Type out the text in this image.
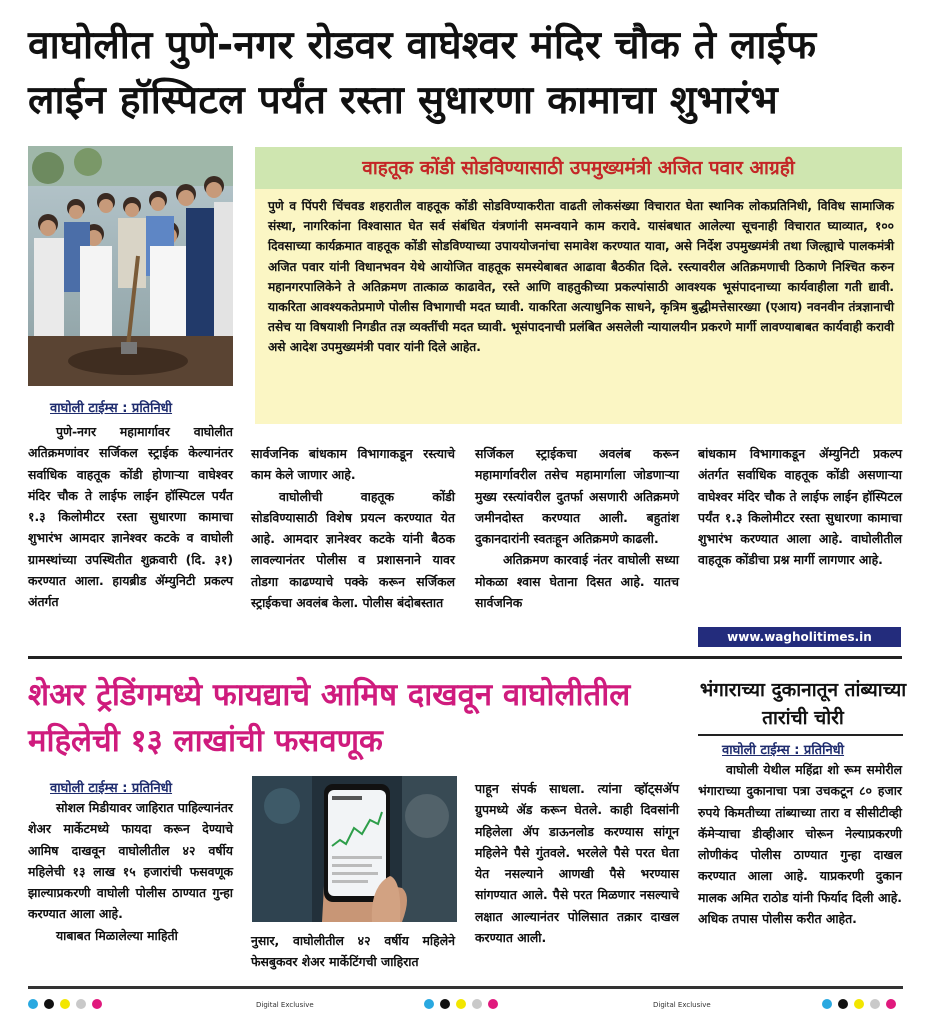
वाघोलीत पुणे-नगर रोडवर वाघेश्वर मंदिर चौक ते लाईफ लाईन हॉस्पिटल पर्यंत रस्ता सुधारणा कामाचा शुभारंभ
वाघोली टाईम्स : प्रतिनिधी
वाहतूक कोंडी सोडविण्यासाठी उपमुख्यमंत्री अजित पवार आग्रही
पुणे व पिंपरी चिंचवड शहरातील वाहतूक कोंडी सोडविण्याकरीता वाढती लोकसंख्या विचारात घेता स्थानिक लोकप्रतिनिधी, विविध सामाजिक संस्था, नागरिकांना विश्वासात घेत सर्व संबंधित यंत्रणांनी समन्वयाने काम करावे. यासंबधात आलेल्या सूचनाही विचारात घ्याव्यात, १०० दिवसाच्या कार्यक्रमात वाहतूक कोंडी सोडविण्याच्या उपाययोजनांचा समावेश करण्यात यावा, असे निर्देश उपमुख्यमंत्री तथा जिल्ह्याचे पालकमंत्री अजित पवार यांनी विधानभवन येथे आयोजित वाहतूक समस्येबाबत आढावा बैठकीत दिले. रस्त्यावरील अतिक्रमणाची ठिकाणे निश्चित करुन महानगरपालिकेने ते अतिक्रमण तात्काळ काढावेत, रस्ते आणि वाहतुकीच्या प्रकल्पांसाठी आवश्यक भूसंपादनाच्या कार्यवाहीला गती द्यावी. याकरिता आवश्यकतेप्रमाणे पोलीस विभागाची मदत घ्यावी. याकरिता अत्याधुनिक साधने, कृत्रिम बुद्धीमत्तेसारख्या (एआय) नवनवीन तंत्रज्ञानाची तसेच या विषयाशी निगडीत तज्ञ व्यक्तींची मदत घ्यावी. भूसंपादनाची प्रलंबित असलेली न्यायालयीन प्रकरणे मार्गी लावण्याबाबत कार्यवाही करावी असे आदेश उपमुख्यमंत्री पवार यांनी दिले आहेत.

पुणे-नगर महामार्गावर वाघोलीत अतिक्रमणांवर सर्जिकल स्ट्राईक केल्यानंतर सर्वाधिक वाहतूक कोंडी होणाऱ्या वाघेश्वर मंदिर चौक ते लाईफ लाईन हॉस्पिटल पर्यंत १.३ किलोमीटर रस्ता सुधारणा कामाचा शुभारंभ आमदार ज्ञानेश्वर कटके व वाघोली ग्रामस्थांच्या उपस्थितीत शुक्रवारी (दि. ३१) करण्यात आला. हायब्रीड ॲम्युनिटी प्रकल्प अंतर्गत

सार्वजनिक बांधकाम विभागाकडून रस्त्याचे काम केले जाणार आहे.

वाघोलीची वाहतूक कोंडी सोडविण्यासाठी विशेष प्रयत्न करण्यात येत आहे. आमदार ज्ञानेश्वर कटके यांनी बैठक लावल्यानंतर पोलीस व प्रशासनाने यावर तोडगा काढण्याचे पक्के करून सर्जिकल स्ट्राईकचा अवलंब केला. पोलीस बंदोबस्तात

सर्जिकल स्ट्राईकचा अवलंब करून महामार्गावरील तसेच महामार्गाला जोडणाऱ्या मुख्य रस्त्यांवरील दुतर्फा असणारी अतिक्रमणे जमीनदोस्त करण्यात आली. बहुतांश दुकानदारांनी स्वतःहून अतिक्रमणे काढली.

अतिक्रमण कारवाई नंतर वाघोली सध्या मोकळा श्वास घेताना दिसत आहे. यातच सार्वजनिक

बांधकाम विभागाकडून ॲम्युनिटी प्रकल्प अंतर्गत सर्वाधिक वाहतूक कोंडी असणाऱ्या वाघेश्वर मंदिर चौक ते लाईफ लाईन हॉस्पिटल पर्यंत १.३ किलोमीटर रस्ता सुधारणा कामाचा शुभारंभ करण्यात आला आहे. वाघोलीतील वाहतूक कोंडीचा प्रश्न मार्गी लागणार आहे.

www.wagholitimes.in
शेअर ट्रेडिंगमध्ये फायद्याचे आमिष दाखवून वाघोलीतील महिलेची १३ लाखांची फसवणूक
वाघोली टाईम्स : प्रतिनिधी

सोशल मिडीयावर जाहिरात पाहिल्यानंतर शेअर मार्केटमध्ये फायदा करून देण्याचे आमिष दाखवून वाघोलीतील ४२ वर्षीय महिलेची १३ लाख १५ हजारांची फसवणूक झाल्याप्रकरणी वाघोली पोलीस ठाण्यात गुन्हा करण्यात आला आहे.

याबाबत मिळालेल्या माहिती	नुसार, वाघोलीतील ४२ वर्षीय महिलेने फेसबुकवर शेअर मार्केटिंगची जाहिरात

पाहून संपर्क साधला. त्यांना व्हॉट्सॲप ग्रुपमध्ये ॲड करून घेतले. काही दिवसांनी महिलेला ॲप डाऊनलोड करण्यास सांगून महिलेने पैसे गुंतवले. भरलेले पैसे परत घेता येत नसल्याने आणखी पैसे भरण्यास सांगण्यात आले. पैसे परत मिळणार नसल्याचे लक्षात आल्यानंतर पोलिसात तक्रार दाखल करण्यात आली.

भंगाराच्या दुकानातून तांब्याच्या तारांची चोरी
वाघोली टाईम्स : प्रतिनिधी

वाघोली येथील महिंद्रा शो रूम समोरील भंगाराच्या दुकानाचा पत्रा उचकटून ८० हजार रुपये किमतीच्या तांब्याच्या तारा व सीसीटीव्ही कॅमेऱ्याचा डीव्हीआर चोरून नेल्याप्रकरणी लोणीकंद पोलीस ठाण्यात गुन्हा दाखल करण्यात आला आहे. याप्रकरणी दुकान मालक अमित राठोड यांनी फिर्याद दिली आहे. अधिक तपास पोलीस करीत आहेत.

Digital Exclusive	Digital Exclusive
